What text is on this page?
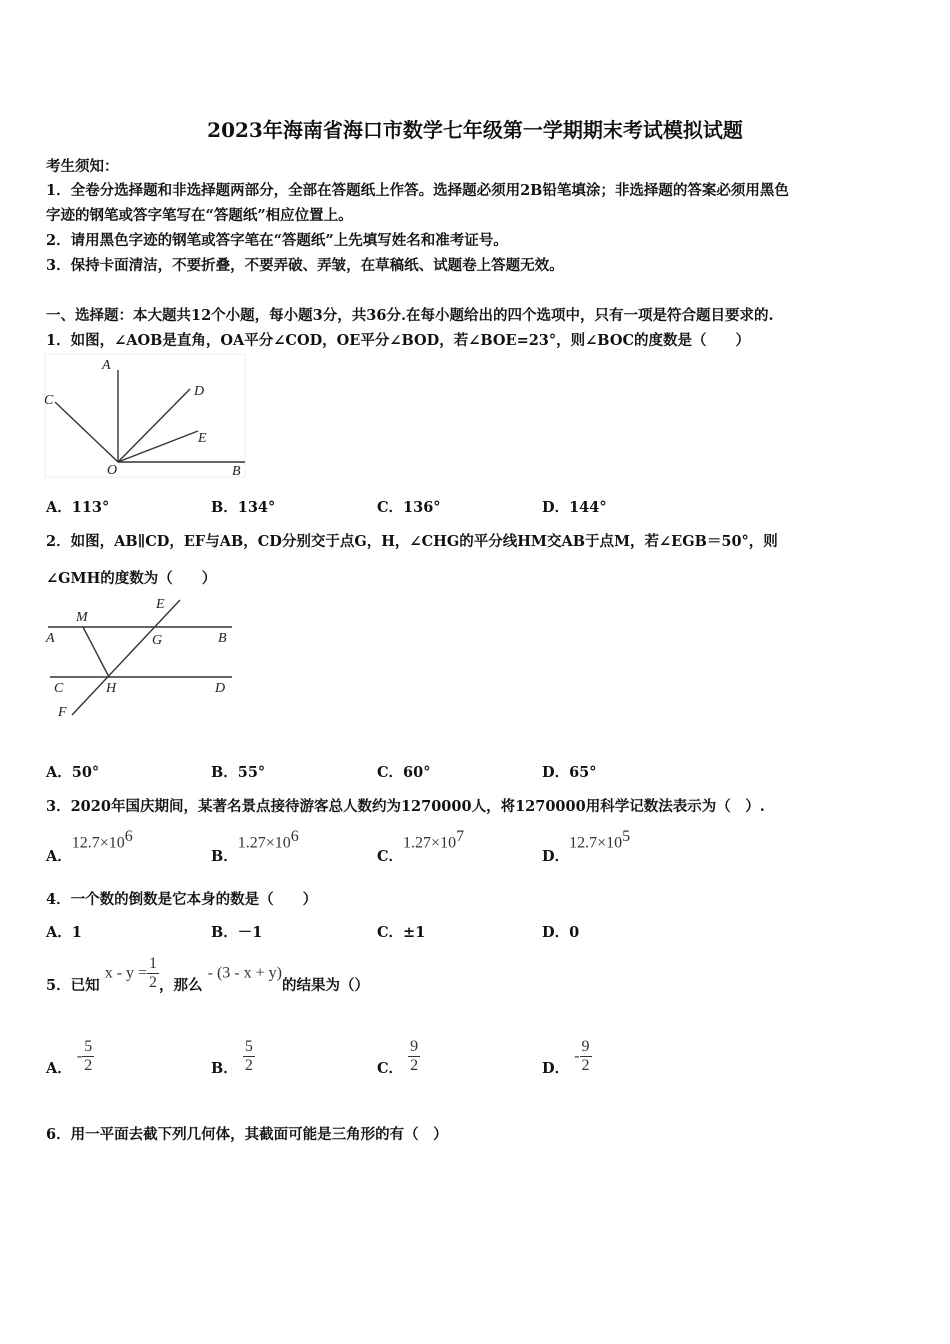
2023年海南省海口市数学七年级第一学期期末考试模拟试题
考生须知：
1．全卷分选择题和非选择题两部分，全部在答题纸上作答。选择题必须用2B铅笔填涂；非选择题的答案必须用黑色
字迹的钢笔或答字笔写在“答题纸”相应位置上。
2．请用黑色字迹的钢笔或答字笔在“答题纸”上先填写姓名和准考证号。
3．保持卡面清洁，不要折叠，不要弄破、弄皱，在草稿纸、试题卷上答题无效。
一、选择题：本大题共12个小题，每小题3分，共36分.在每小题给出的四个选项中，只有一项是符合题目要求的.
1．如图，∠AOB是直角，OA平分∠COD，OE平分∠BOD，若∠BOE=23°，则∠BOC的度数是（　　）
A
C
D
E
O	B
A．113°	B．134°	C．136°	D．144°
2．如图，AB∥CD，EF与AB，CD分别交于点G，H，∠CHG的平分线HM交AB于点M，若∠EGB＝50°，则
∠GMH的度数为（　　）
A	B
C	D
E
F
G
H
M
A．50°	B．55°	C．60°	D．65°
3．2020年国庆期间，某著名景点接待游客总人数约为1270000人，将1270000用科学记数法表示为（　）.
A．$12.7\times 10^6$
B．$1.27\times 10^6$
C．$1.27\times 10^7$
D．$12.7\times 10^5$
4．一个数的倒数是它本身的数是（　　）
A．1	B．－1	C．±1	D．0
5．已知 $x - y = \frac{1}{2}$ ，那么 - (3 - x + y)的结果为（）
A． - $\frac{5}{2}$	B． $\frac{5}{2}$	C． $\frac{9}{2}$	D． - $\frac{9}{2}$
6．用一平面去截下列几何体，其截面可能是三角形的有（　）
